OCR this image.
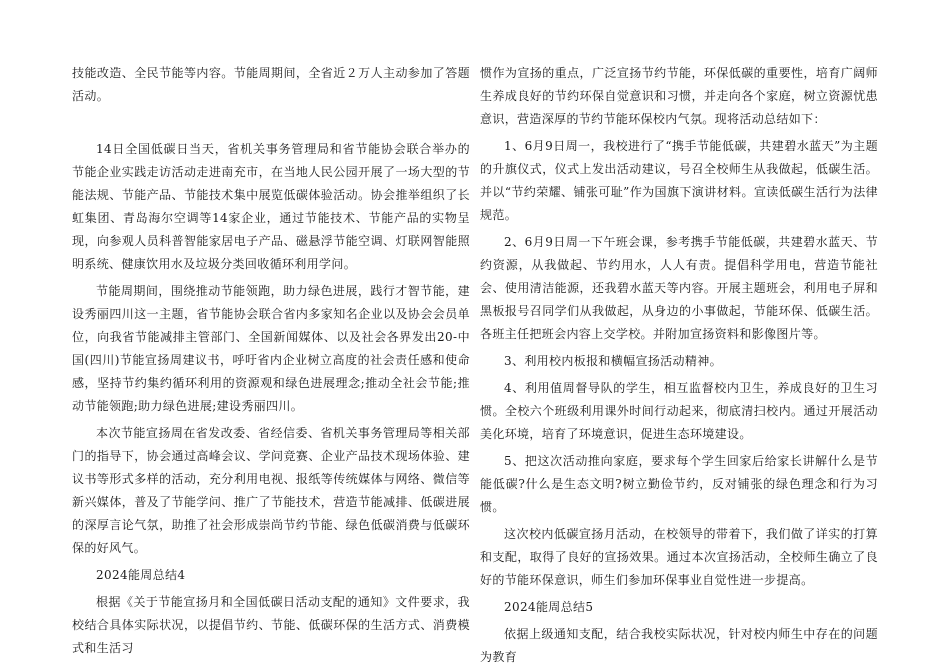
技能改造、全民节能等内容。节能周期间，全省近２万人主动参加了答题活动。

14日全国低碳日当天，省机关事务管理局和省节能协会联合举办的节能企业实践走访活动走进南充市，在当地人民公园开展了一场大型的节能法规、节能产品、节能技术集中展览低碳体验活动。协会推举组织了长虹集团、青岛海尔空调等14家企业，通过节能技术、节能产品的实物呈现，向参观人员科普智能家居电子产品、磁悬浮节能空调、灯联网智能照明系统、健康饮用水及垃圾分类回收循环利用学问。

节能周期间，围绕推动节能领跑，助力绿色进展，践行才智节能，建设秀丽四川这一主题，省节能协会联合省内多家知名企业以及协会会员单位，向我省节能减排主管部门、全国新闻媒体、以及社会各界发出20-中国(四川)节能宣扬周建议书，呼吁省内企业树立高度的社会责任感和使命感，坚持节约集约循环利用的资源观和绿色进展理念;推动全社会节能;推动节能领跑;助力绿色进展;建设秀丽四川。

本次节能宣扬周在省发改委、省经信委、省机关事务管理局等相关部门的指导下，协会通过高峰会议、学问竞赛、企业产品技术现场体验、建议书等形式多样的活动，充分利用电视、报纸等传统媒体与网络、微信等新兴媒体，普及了节能学问、推广了节能技术，营造节能减排、低碳进展的深厚言论气氛，助推了社会形成崇尚节约节能、绿色低碳消费与低碳环保的好风气。

2024能周总结4

根据《关于节能宣扬月和全国低碳日活动支配的通知》文件要求，我校结合具体实际状况，以提倡节约、节能、低碳环保的生活方式、消费模式和生活习

惯作为宣扬的重点，广泛宣扬节约节能，环保低碳的重要性，培育广阔师生养成良好的节约环保自觉意识和习惯，并走向各个家庭，树立资源忧患意识，营造深厚的节约节能环保校内气氛。现将活动总结如下：

1、6月9日周一，我校进行了“携手节能低碳，共建碧水蓝天”为主题的升旗仪式，仪式上发出活动建议，号召全校师生从我做起，低碳生活。并以“节约荣耀、铺张可耻”作为国旗下演讲材料。宣读低碳生活行为法律规范。

2、6月9日周一下午班会课，参考携手节能低碳，共建碧水蓝天、节约资源，从我做起、节约用水，人人有责。提倡科学用电，营造节能社会、使用清洁能源，还我碧水蓝天等内容。开展主题班会，利用电子屏和黑板报号召同学们从我做起，从身边的小事做起，节能环保、低碳生活。各班主任把班会内容上交学校。并附加宣扬资料和影像图片等。

3、利用校内板报和横幅宣扬活动精神。

4、利用值周督导队的学生，相互监督校内卫生，养成良好的卫生习惯。全校六个班级利用课外时间行动起来，彻底清扫校内。通过开展活动美化环境，培育了环境意识，促进生态环境建设。

5、把这次活动推向家庭，要求每个学生回家后给家长讲解什么是节能低碳?什么是生态文明?树立勤俭节约，反对铺张的绿色理念和行为习惯。

这次校内低碳宣扬月活动，在校领导的带着下，我们做了详实的打算和支配，取得了良好的宣扬效果。通过本次宣扬活动，全校师生确立了良好的节能环保意识，师生们参加环保事业自觉性进一步提高。

2024能周总结5

依据上级通知支配，结合我校实际状况，针对校内师生中存在的问题为教育
